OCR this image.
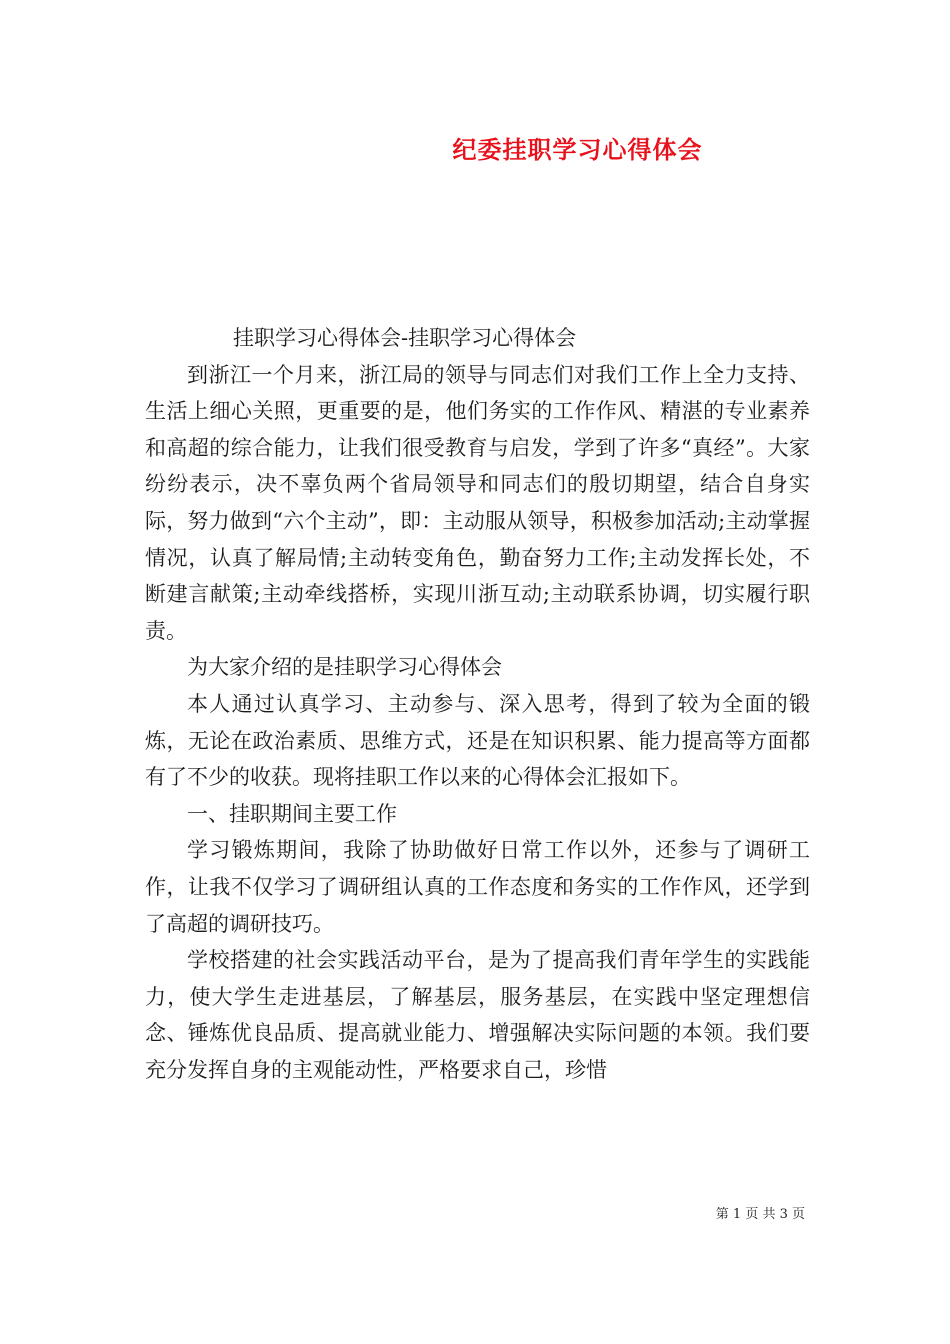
纪委挂职学习心得体会

挂职学习心得体会-挂职学习心得体会

到浙江一个月来，浙江局的领导与同志们对我们工作上全力支持、生活上细心关照，更重要的是，他们务实的工作作风、精湛的专业素养和高超的综合能力，让我们很受教育与启发，学到了许多“真经”。大家纷纷表示，决不辜负两个省局领导和同志们的殷切期望，结合自身实际，努力做到“六个主动”，即：主动服从领导，积极参加活动;主动掌握情况，认真了解局情;主动转变角色，勤奋努力工作;主动发挥长处，不断建言献策;主动牵线搭桥，实现川浙互动;主动联系协调，切实履行职责。

为大家介绍的是挂职学习心得体会

本人通过认真学习、主动参与、深入思考，得到了较为全面的锻炼，无论在政治素质、思维方式，还是在知识积累、能力提高等方面都有了不少的收获。现将挂职工作以来的心得体会汇报如下。

一、挂职期间主要工作

学习锻炼期间，我除了协助做好日常工作以外，还参与了调研工作，让我不仅学习了调研组认真的工作态度和务实的工作作风，还学到了高超的调研技巧。

学校搭建的社会实践活动平台，是为了提高我们青年学生的实践能力，使大学生走进基层，了解基层，服务基层，在实践中坚定理想信念、锤炼优良品质、提高就业能力、增强解决实际问题的本领。我们要充分发挥自身的主观能动性，严格要求自己，珍惜

第 1 页 共 3 页
